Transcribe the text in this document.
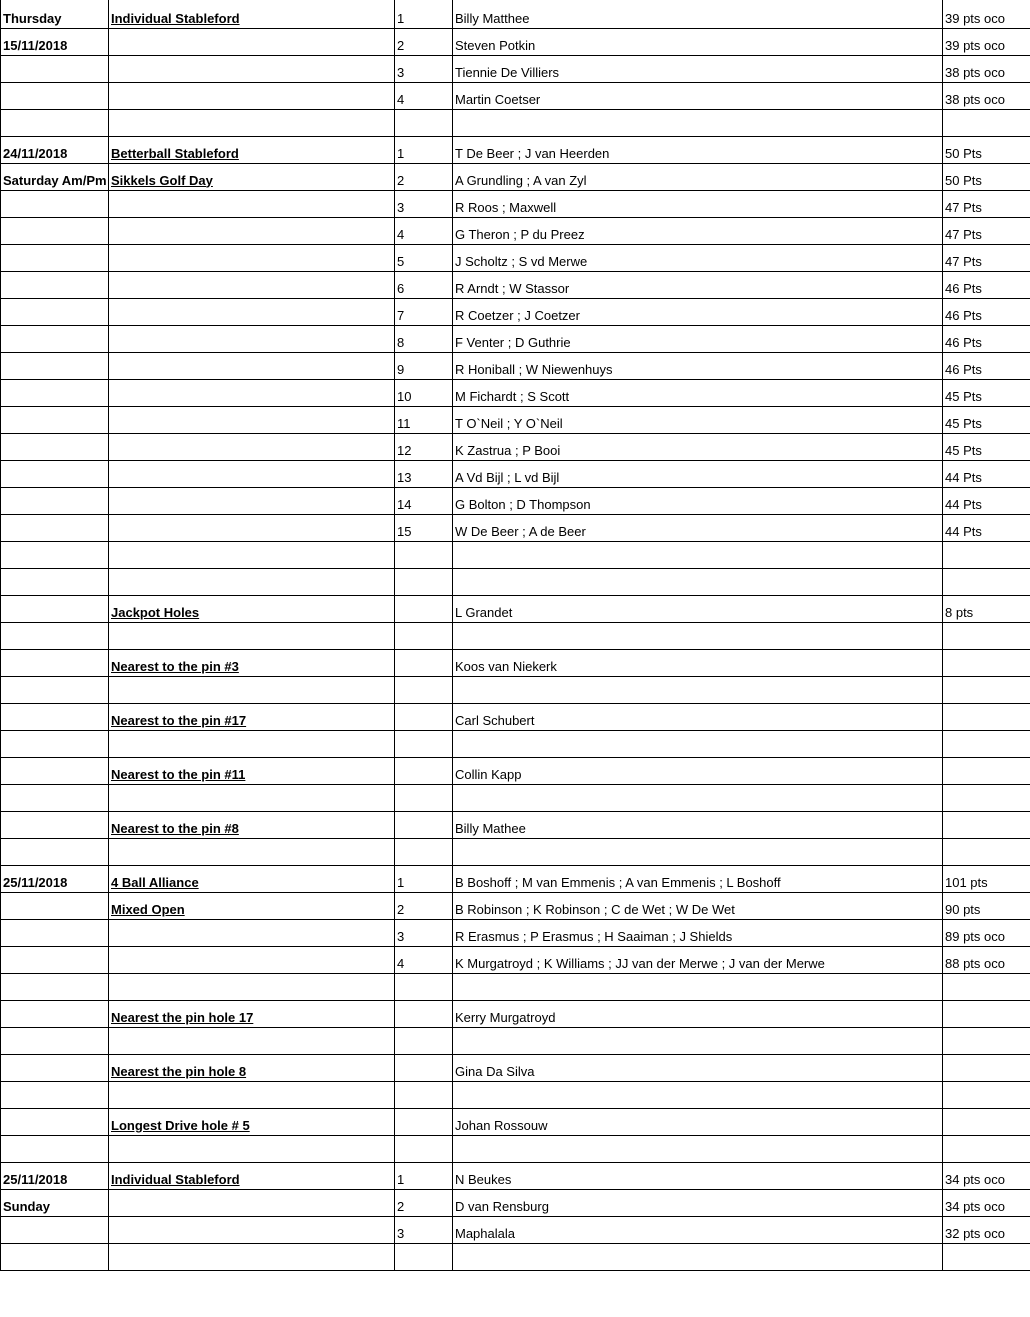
Thursday	Individual Stableford	1	Billy Matthee	39 pts oco
15/11/2018		2	Steven Potkin	39 pts oco
		3	Tiennie De Villiers	38 pts oco
		4	Martin Coetser	38 pts oco

24/11/2018	Betterball Stableford	1	T De Beer ; J van Heerden	50 Pts
Saturday Am/Pm	Sikkels Golf Day	2	A Grundling ; A van Zyl	50 Pts
		3	R Roos ; Maxwell	47 Pts
		4	G Theron ; P du Preez	47 Pts
		5	J Scholtz ; S vd Merwe	47 Pts
		6	R Arndt ; W Stassor	46 Pts
		7	R Coetzer ; J Coetzer	46 Pts
		8	F Venter ; D Guthrie	46 Pts
		9	R Honiball ; W Niewenhuys	46 Pts
		10	M Fichardt ; S Scott	45 Pts
		11	T O`Neil ; Y O`Neil	45 Pts
		12	K Zastrua ; P Booi	45 Pts
		13	A Vd Bijl ; L vd Bijl	44 Pts
		14	G Bolton ; D Thompson	44 Pts
		15	W De Beer ; A de Beer	44 Pts

	Jackpot Holes		L Grandet	8 pts

	Nearest to the pin #3		Koos van Niekerk	

	Nearest to the pin #17		Carl Schubert	

	Nearest to the pin #11		Collin Kapp	

	Nearest to the pin #8		Billy Mathee	

25/11/2018	4 Ball Alliance	1	B Boshoff ; M van Emmenis ; A van Emmenis ; L Boshoff	101 pts
	Mixed Open	2	B Robinson ; K Robinson ; C de Wet ; W De Wet	90 pts
		3	R Erasmus ; P Erasmus ; H Saaiman ; J Shields	89 pts oco
		4	K Murgatroyd ; K Williams ; JJ van der Merwe ; J van der Merwe	88 pts oco

	Nearest the pin hole 17		Kerry Murgatroyd	

	Nearest the pin hole 8		Gina Da Silva	

	Longest Drive hole # 5		Johan Rossouw	

25/11/2018	Individual Stableford	1	N Beukes	34 pts oco
Sunday		2	D van Rensburg	34 pts oco
		3	Maphalala	32 pts oco
